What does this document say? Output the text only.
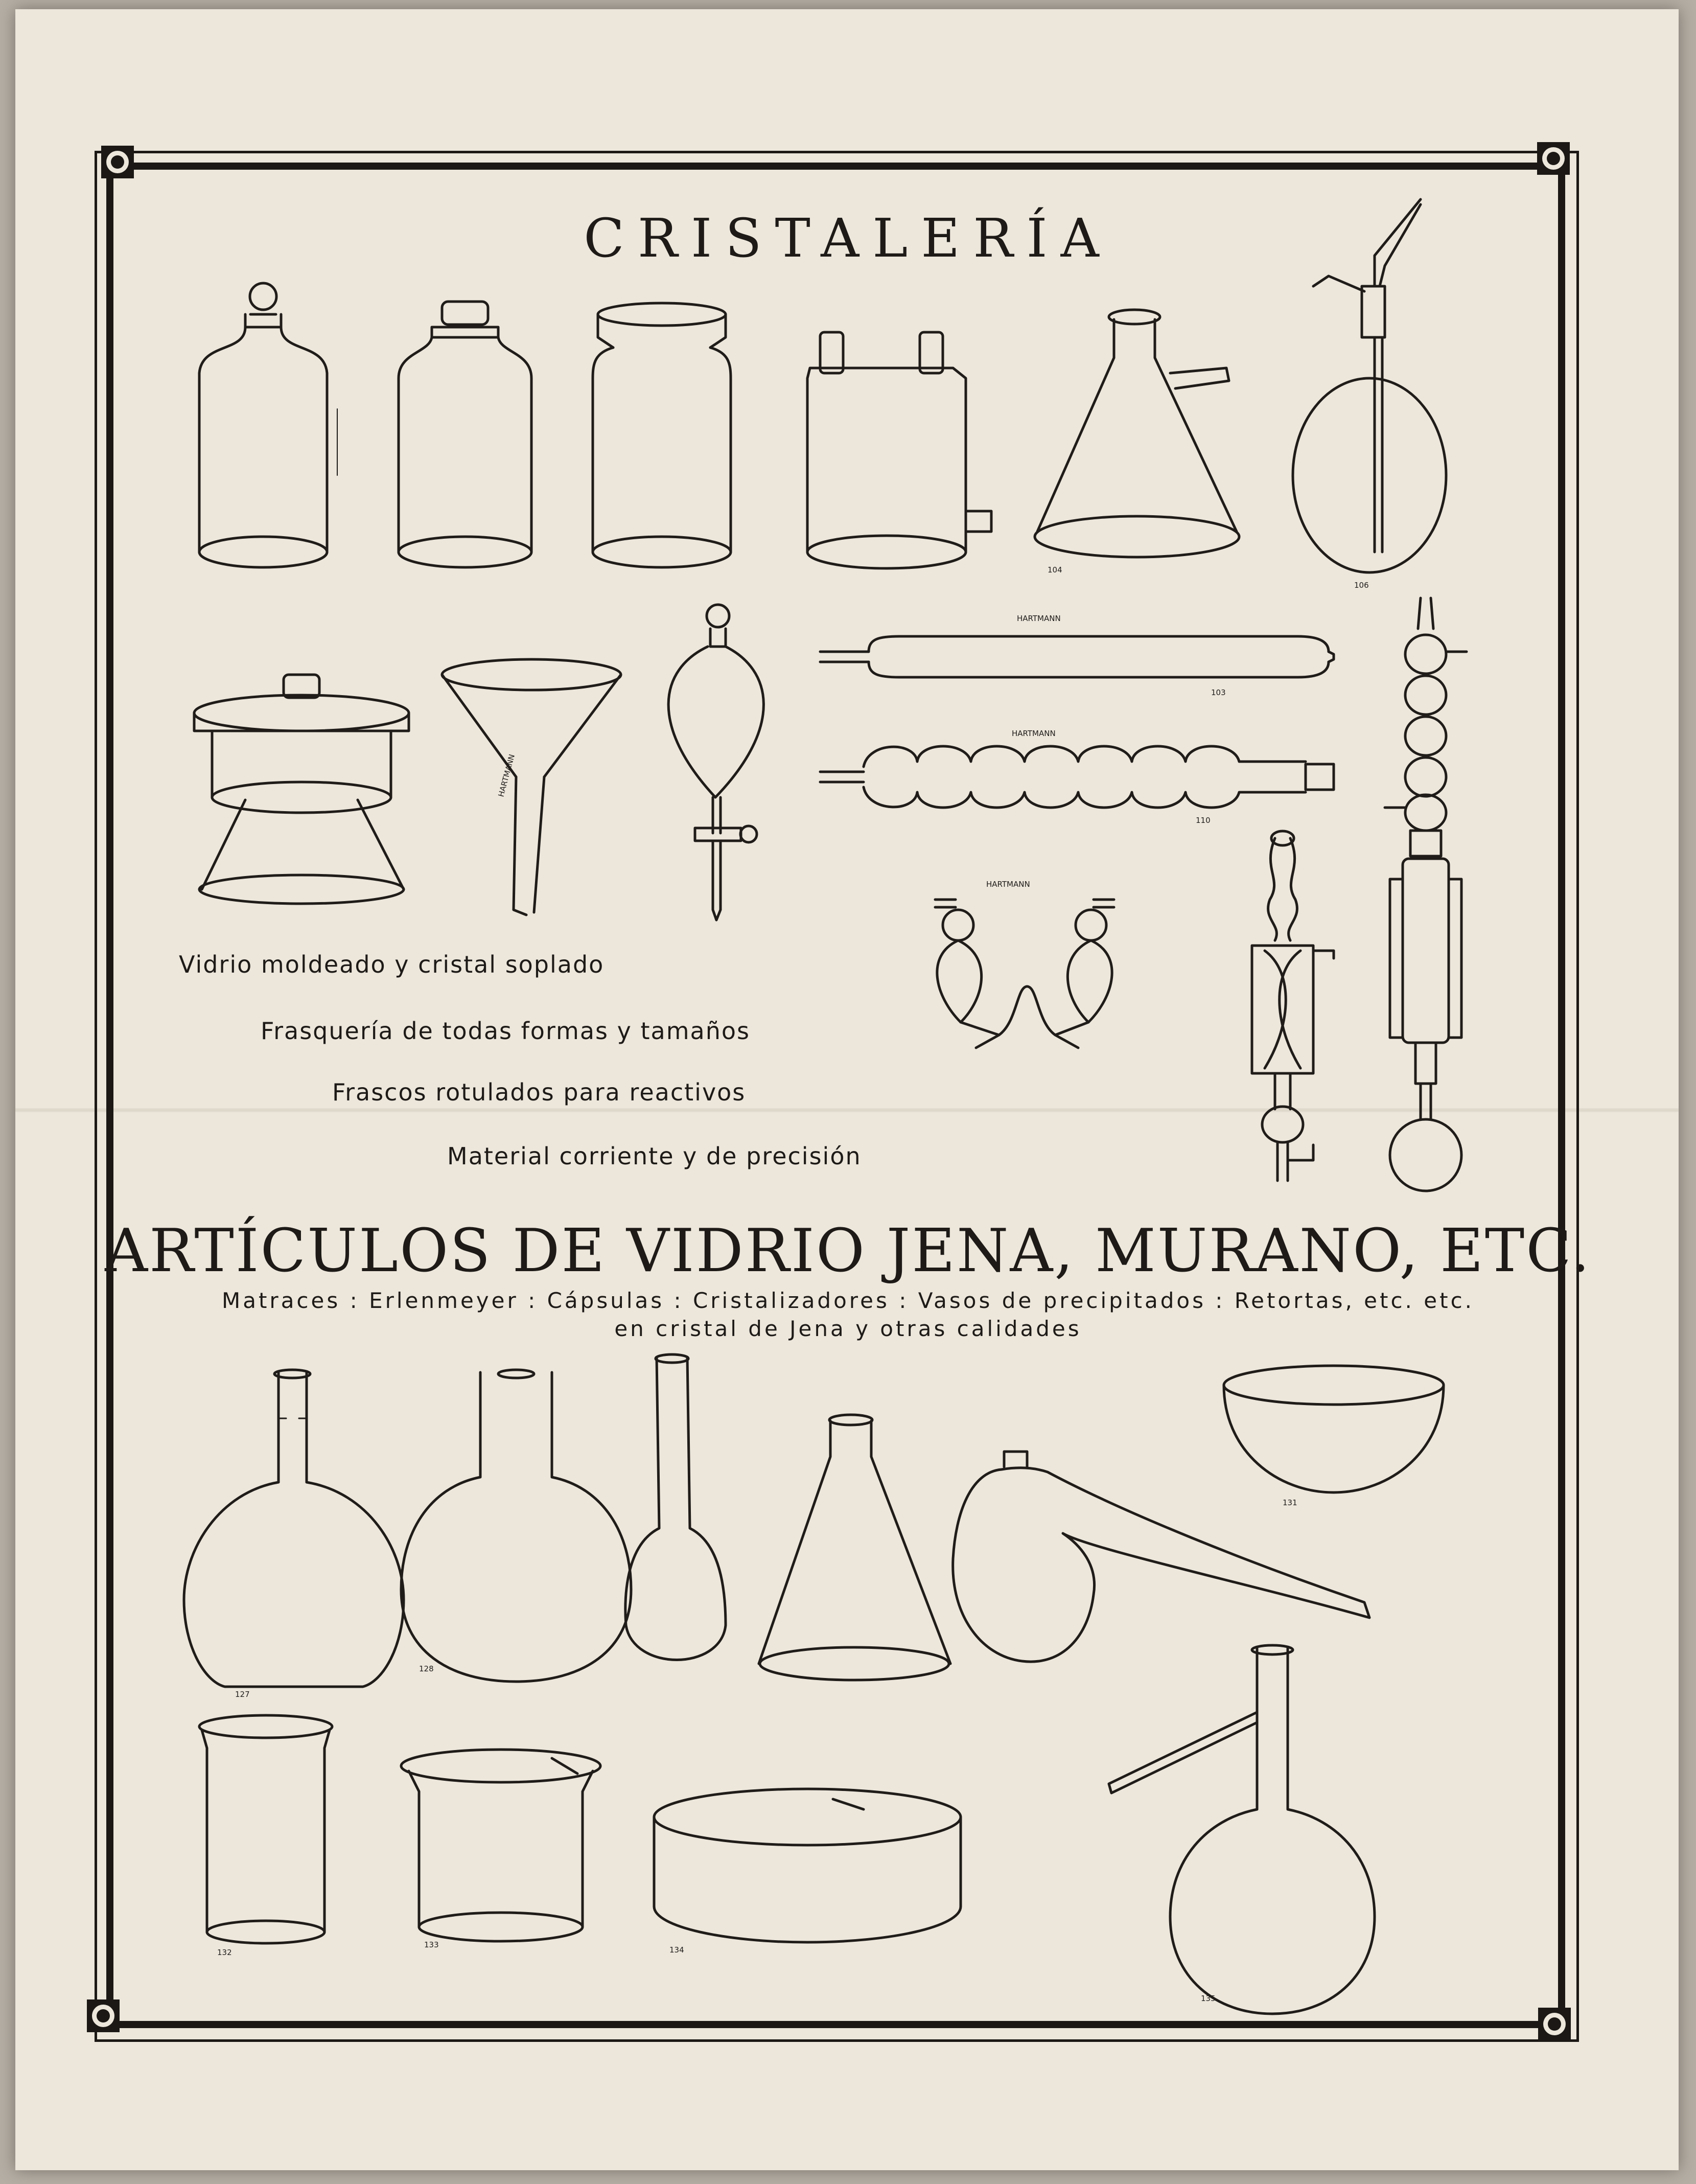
CRISTALERÍA
104
106
HARTMANN
HARTMANN
103
HARTMANN
110
HARTMANN
127
128
131
132
133
134
135
Vidrio moldeado y cristal soplado
Frasquería de todas formas y tamaños
Frascos rotulados para reactivos
Material corriente y de precisión
ARTÍCULOS DE VIDRIO JENA, MURANO, ETC.
Matraces : Erlenmeyer : Cápsulas : Cristalizadores : Vasos de precipitados : Retortas, etc. etc.
en cristal de Jena y otras calidades
